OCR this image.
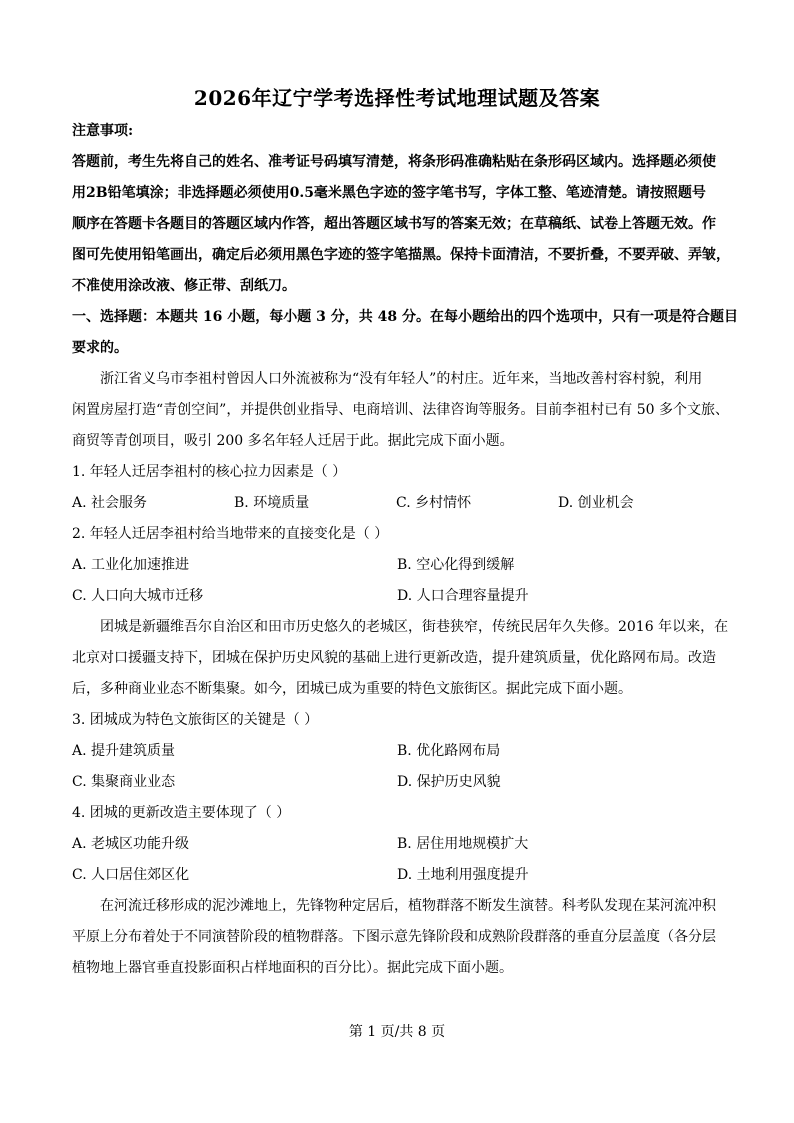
2026年辽宁学考选择性考试地理试题及答案
注意事项:
答题前，考生先将自己的姓名、准考证号码填写清楚，将条形码准确粘贴在条形码区域内。选择题必须使
用2B铅笔填涂；非选择题必须使用0.5毫米黑色字迹的签字笔书写，字体工整、笔迹清楚。请按照题号
顺序在答题卡各题目的答题区域内作答，超出答题区域书写的答案无效；在草稿纸、试卷上答题无效。作
图可先使用铅笔画出，确定后必须用黑色字迹的签字笔描黑。保持卡面清洁，不要折叠，不要弄破、弄皱，
不准使用涂改液、修正带、刮纸刀。
一、选择题：本题共 16 小题，每小题 3 分，共 48 分。在每小题给出的四个选项中，只有一项是符合题目
要求的。
浙江省义乌市李祖村曾因人口外流被称为“没有年轻人”的村庄。近年来，当地改善村容村貌，利用
闲置房屋打造“青创空间”，并提供创业指导、电商培训、法律咨询等服务。目前李祖村已有 50 多个文旅、
商贸等青创项目，吸引 200 多名年轻人迁居于此。据此完成下面小题。
1. 年轻人迁居李祖村的核心拉力因素是（ ）
A. 社会服务	B. 环境质量	C. 乡村情怀	D. 创业机会
2. 年轻人迁居李祖村给当地带来的直接变化是（ ）
A. 工业化加速推进	B. 空心化得到缓解
C. 人口向大城市迁移	D. 人口合理容量提升
团城是新疆维吾尔自治区和田市历史悠久的老城区，街巷狭窄，传统民居年久失修。2016 年以来，在
北京对口援疆支持下，团城在保护历史风貌的基础上进行更新改造，提升建筑质量，优化路网布局。改造
后，多种商业业态不断集聚。如今，团城已成为重要的特色文旅街区。据此完成下面小题。
3. 团城成为特色文旅街区的关键是（ ）
A. 提升建筑质量	B. 优化路网布局
C. 集聚商业业态	D. 保护历史风貌
4. 团城的更新改造主要体现了（ ）
A. 老城区功能升级	B. 居住用地规模扩大
C. 人口居住郊区化	D. 土地利用强度提升
在河流迁移形成的泥沙滩地上，先锋物种定居后，植物群落不断发生演替。科考队发现在某河流冲积
平原上分布着处于不同演替阶段的植物群落。下图示意先锋阶段和成熟阶段群落的垂直分层盖度（各分层
植物地上器官垂直投影面积占样地面积的百分比）。据此完成下面小题。
第 1 页/共 8 页
